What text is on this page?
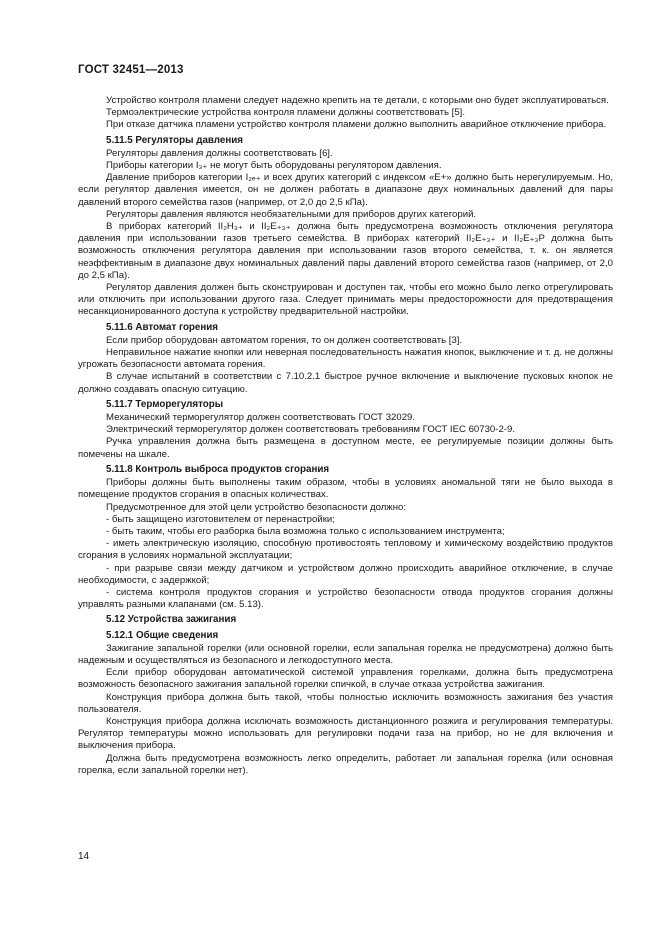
ГОСТ 32451—2013

Устройство контроля пламени следует надежно крепить на те детали, с которыми оно будет эксплуатироваться.

Термоэлектрические устройства контроля пламени должны соответствовать [5].

При отказе датчика пламени устройство контроля пламени должно выполнить аварийное отключение прибора.

5.11.5 Регуляторы давления

Регуляторы давления должны соответствовать [6].

Приборы категории I₃₊ не могут быть оборудованы регулятором давления.

Давление приборов категории I₂ₑ₊ и всех других категорий с индексом «Е+» должно быть нерегулируемым. Но, если регулятор давления имеется, он не должен работать в диапазоне двух номинальных давлений для пары давлений второго семейства газов (например, от 2,0 до 2,5 кПа).

Регуляторы давления являются необязательными для приборов других категорий.

В приборах категорий II₂H₃₊ и II₂E₊₃₊ должна быть предусмотрена возможность отключения регулятора давления при использовании газов третьего семейства. В приборах категорий II₂E₊₃₊ и II₂E₊₃P должна быть возможность отключения регулятора давления при использовании газов второго семейства, т. к. он является неэффективным в диапазоне двух номинальных давлений пары давлений второго семейства газов (например, от 2,0 до 2,5 кПа).

Регулятор давления должен быть сконструирован и доступен так, чтобы его можно было легко отрегулировать или отключить при использовании другого газа. Следует принимать меры предосторожности для предотвращения несанкционированного доступа к устройству предварительной настройки.

5.11.6 Автомат горения

Если прибор оборудован автоматом горения, то он должен соответствовать [3].

Неправильное нажатие кнопки или неверная последовательность нажатия кнопок, выключение и т. д. не должны угрожать безопасности автомата горения.

В случае испытаний в соответствии с 7.10.2.1 быстрое ручное включение и выключение пусковых кнопок не должно создавать опасную ситуацию.

5.11.7 Терморегуляторы

Механический терморегулятор должен соответствовать ГОСТ 32029.

Электрический терморегулятор должен соответствовать требованиям ГОСТ IEC 60730-2-9.

Ручка управления должна быть размещена в доступном месте, ее регулируемые позиции должны быть помечены на шкале.

5.11.8 Контроль выброса продуктов сгорания

Приборы должны быть выполнены таким образом, чтобы в условиях аномальной тяги не было выхода в помещение продуктов сгорания в опасных количествах.

Предусмотренное для этой цели устройство безопасности должно:

- быть защищено изготовителем от перенастройки;

- быть таким, чтобы его разборка была возможна только с использованием инструмента;

- иметь электрическую изоляцию, способную противостоять тепловому и химическому воздействию продуктов сгорания в условиях нормальной эксплуатации;

- при разрыве связи между датчиком и устройством должно происходить аварийное отключение, в случае необходимости, с задержкой;

- система контроля продуктов сгорания и устройство безопасности отвода продуктов сгорания должны управлять разными клапанами (см. 5.13).

5.12 Устройства зажигания

5.12.1 Общие сведения

Зажигание запальной горелки (или основной горелки, если запальная горелка не предусмотрена) должно быть надежным и осуществляться из безопасного и легкодоступного места.

Если прибор оборудован автоматической системой управления горелками, должна быть предусмотрена возможность безопасного зажигания запальной горелки спичкой, в случае отказа устройства зажигания.

Конструкция прибора должна быть такой, чтобы полностью исключить возможность зажигания без участия пользователя.

Конструкция прибора должна исключать возможность дистанционного розжига и регулирования температуры. Регулятор температуры можно использовать для регулировки подачи газа на прибор, но не для включения и выключения прибора.

Должна быть предусмотрена возможность легко определить, работает ли запальная горелка (или основная горелка, если запальной горелки нет).

14
